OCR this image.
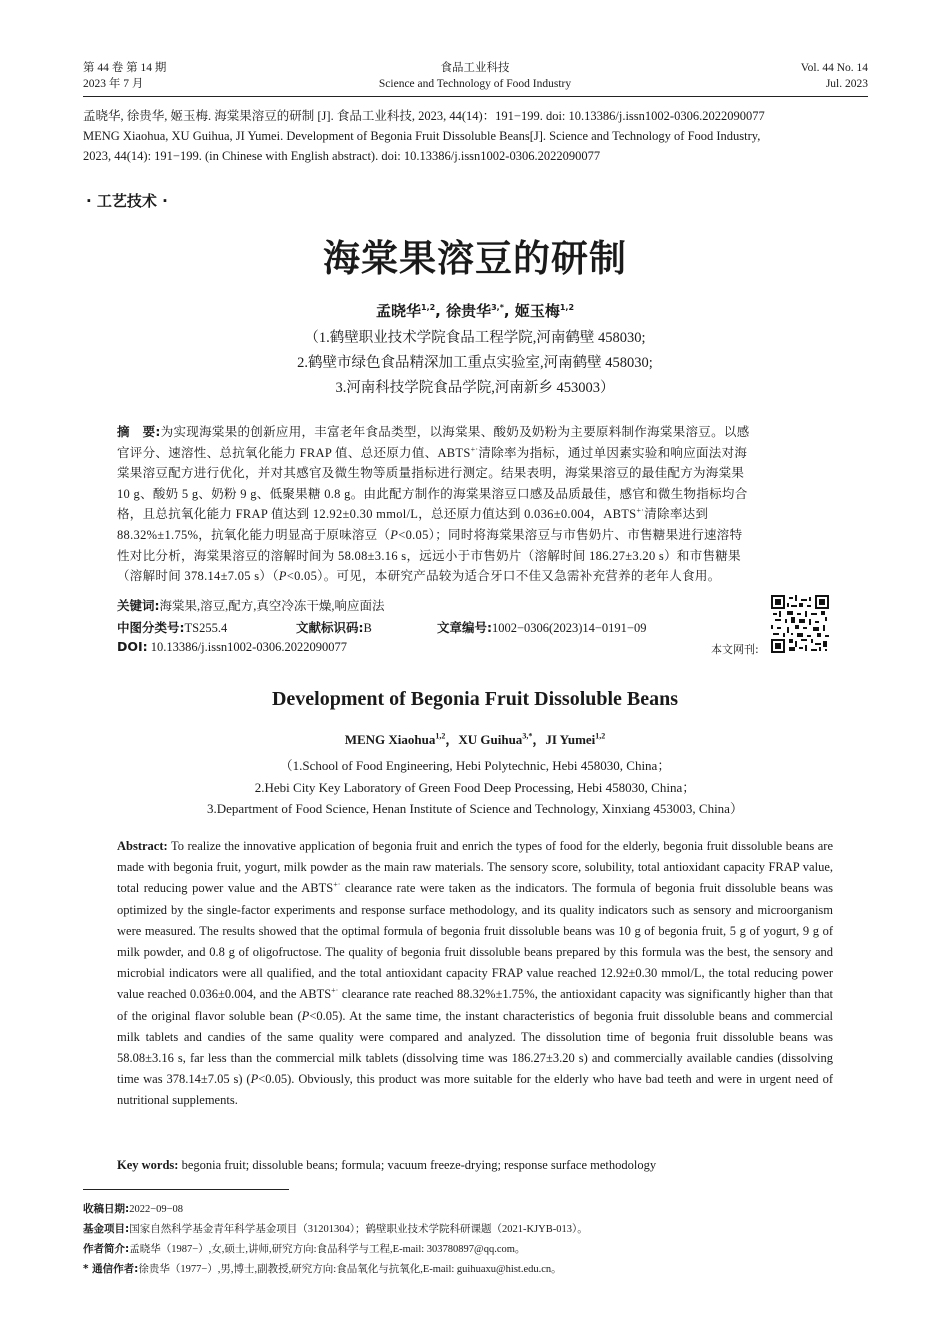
第 44 卷 第 14 期
2023 年 7 月
食品工业科技
Science and Technology of Food Industry
Vol. 44 No. 14
Jul. 2023
孟晓华, 徐贵华, 姬玉梅. 海棠果溶豆的研制 [J]. 食品工业科技, 2023, 44(14)：191−199. doi: 10.13386/j.issn1002-0306.2022090077
MENG Xiaohua, XU Guihua, JI Yumei. Development of Begonia Fruit Dissoluble Beans[J]. Science and Technology of Food Industry,
2023, 44(14): 191−199. (in Chinese with English abstract). doi: 10.13386/j.issn1002-0306.2022090077
· 工艺技术 ·
海棠果溶豆的研制
孟晓华$^{1,2}$, 徐贵华$^{3,*}$, 姬玉梅$^{1,2}$
（1.鹤壁职业技术学院食品工程学院,河南鹤壁 458030;
2.鹤壁市绿色食品精深加工重点实验室,河南鹤壁 458030;
3.河南科技学院食品学院,河南新乡 453003）
摘　要:为实现海棠果的创新应用，丰富老年食品类型，以海棠果、酸奶及奶粉为主要原料制作海棠果溶豆。以感
官评分、速溶性、总抗氧化能力 FRAP 值、总还原力值、ABTS+·清除率为指标，通过单因素实验和响应面法对海
棠果溶豆配方进行优化，并对其感官及微生物等质量指标进行测定。结果表明，海棠果溶豆的最佳配方为海棠果
10 g、酸奶 5 g、奶粉 9 g、低聚果糖 0.8 g。由此配方制作的海棠果溶豆口感及品质最佳，感官和微生物指标均合
格，且总抗氧化能力 FRAP 值达到 12.92±0.30 mmol/L，总还原力值达到 0.036±0.004，ABTS+·清除率达到
88.32%±1.75%，抗氧化能力明显高于原味溶豆（P<0.05）；同时将海棠果溶豆与市售奶片、市售糖果进行速溶特
性对比分析，海棠果溶豆的溶解时间为 58.08±3.16 s，远远小于市售奶片（溶解时间 186.27±3.20 s）和市售糖果
（溶解时间 378.14±7.05 s）（P<0.05）。可见，本研究产品较为适合牙口不佳又急需补充营养的老年人食用。
关键词:海棠果,溶豆,配方,真空冷冻干燥,响应面法
中图分类号:TS255.4	文献标识码:B	文章编号:1002−0306(2023)14−0191−09
DOI: 10.13386/j.issn1002-0306.2022090077	本文网刊:
Development of Begonia Fruit Dissoluble Beans
MENG Xiaohua$^{1,2}$，XU Guihua$^{3,*}$，JI Yumei$^{1,2}$
（1.School of Food Engineering, Hebi Polytechnic, Hebi 458030, China；
2.Hebi City Key Laboratory of Green Food Deep Processing, Hebi 458030, China；
3.Department of Food Science, Henan Institute of Science and Technology, Xinxiang 453003, China）
Abstract: To realize the innovative application of begonia fruit and enrich the types of food for the elderly, begonia fruit dissoluble beans are made with begonia fruit, yogurt, milk powder as the main raw materials. The sensory score, solubility, total antioxidant capacity FRAP value, total reducing power value and the ABTS+· clearance rate were taken as the indicators. The formula of begonia fruit dissoluble beans was optimized by the single-factor experiments and response surface methodology, and its quality indicators such as sensory and microorganism were measured. The results showed that the optimal formula of begonia fruit dissoluble beans was 10 g of begonia fruit, 5 g of yogurt, 9 g of milk powder, and 0.8 g of oligofructose. The quality of begonia fruit dissoluble beans prepared by this formula was the best, the sensory and microbial indicators were all qualified, and the total antioxidant capacity FRAP value reached 12.92±0.30 mmol/L, the total reducing power value reached 0.036±0.004, and the ABTS+· clearance rate reached 88.32%±1.75%, the antioxidant capacity was significantly higher than that of the original flavor soluble bean (P<0.05). At the same time, the instant characteristics of begonia fruit dissoluble beans and commercial milk tablets and candies of the same quality were compared and analyzed. The dissolution time of begonia fruit dissoluble beans was 58.08±3.16 s, far less than the commercial milk tablets (dissolving time was 186.27±3.20 s) and commercially available candies (dissolving time was 378.14±7.05 s) (P<0.05). Obviously, this product was more suitable for the elderly who have bad teeth and were in urgent need of nutritional supplements.
Key words: begonia fruit; dissoluble beans; formula; vacuum freeze-drying; response surface methodology
收稿日期:2022−09−08
基金项目:国家自然科学基金青年科学基金项目（31201304）；鹤壁职业技术学院科研课题（2021-KJYB-013）。
作者简介:孟晓华（1987−）,女,硕士,讲师,研究方向:食品科学与工程,E-mail: 303780897@qq.com。
* 通信作者:徐贵华（1977−）,男,博士,副教授,研究方向:食品氧化与抗氧化,E-mail: guihuaxu@hist.edu.cn。
